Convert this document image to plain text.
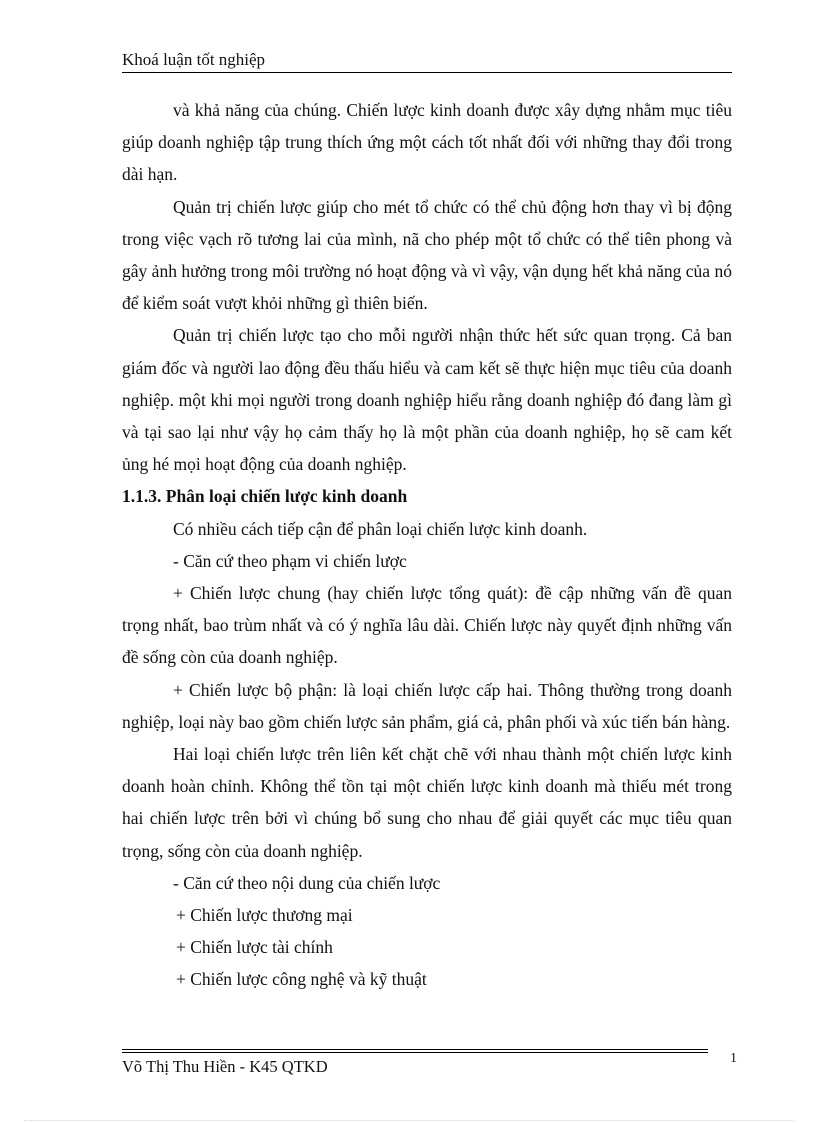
Khoá luận tốt nghiệp

và khả năng của chúng. Chiến lược kinh doanh được xây dựng nhằm mục tiêu giúp doanh nghiệp tập trung thích ứng một cách tốt nhất đối với những thay đổi trong dài hạn.

Quản trị chiến lược giúp cho mét tổ chức có thể chủ động hơn thay vì bị động trong việc vạch rõ tương lai của mình, nã cho phép một tổ chức có thể tiên phong và gây ảnh hưởng trong môi trường nó hoạt động và vì vậy, vận dụng hết khả năng của nó để kiểm soát vượt khỏi những gì thiên biến.

Quản trị chiến lược tạo cho mỗi người nhận thức hết sức quan trọng. Cả ban giám đốc và người lao động đều thấu hiểu và cam kết sẽ thực hiện mục tiêu của doanh nghiệp. một khi mọi người trong doanh nghiệp hiểu rằng doanh nghiệp đó đang làm gì và tại sao lại như vậy họ cảm thấy họ là một phần của doanh nghiệp, họ sẽ cam kết ủng hé mọi hoạt động của doanh nghiệp.

1.1.3. Phân loại chiến lược kinh doanh

Có nhiều cách tiếp cận để phân loại chiến lược kinh doanh.

- Căn cứ theo phạm vi chiến lược

+ Chiến lược chung (hay chiến lược tổng quát): đề cập những vấn đề quan trọng nhất, bao trùm nhất và có ý nghĩa lâu dài. Chiến lược này quyết định những vấn đề sống còn của doanh nghiệp.

+ Chiến lược bộ phận: là loại chiến lược cấp hai. Thông thường trong doanh nghiệp, loại này bao gồm chiến lược sản phẩm, giá cả, phân phối và xúc tiến bán hàng.

Hai loại chiến lược trên liên kết chặt chẽ với nhau thành một chiến lược kinh doanh hoàn chỉnh. Không thể tồn tại một chiến lược kinh doanh mà thiếu mét trong hai chiến lược trên bởi vì chúng bổ sung cho nhau để giải quyết các mục tiêu quan trọng, sống còn của doanh nghiệp.

- Căn cứ theo nội dung của chiến lược

+ Chiến lược thương mại

+ Chiến lược tài chính

+ Chiến lược công nghệ và kỹ thuật

Võ Thị Thu Hiền - K45 QTKD	1
